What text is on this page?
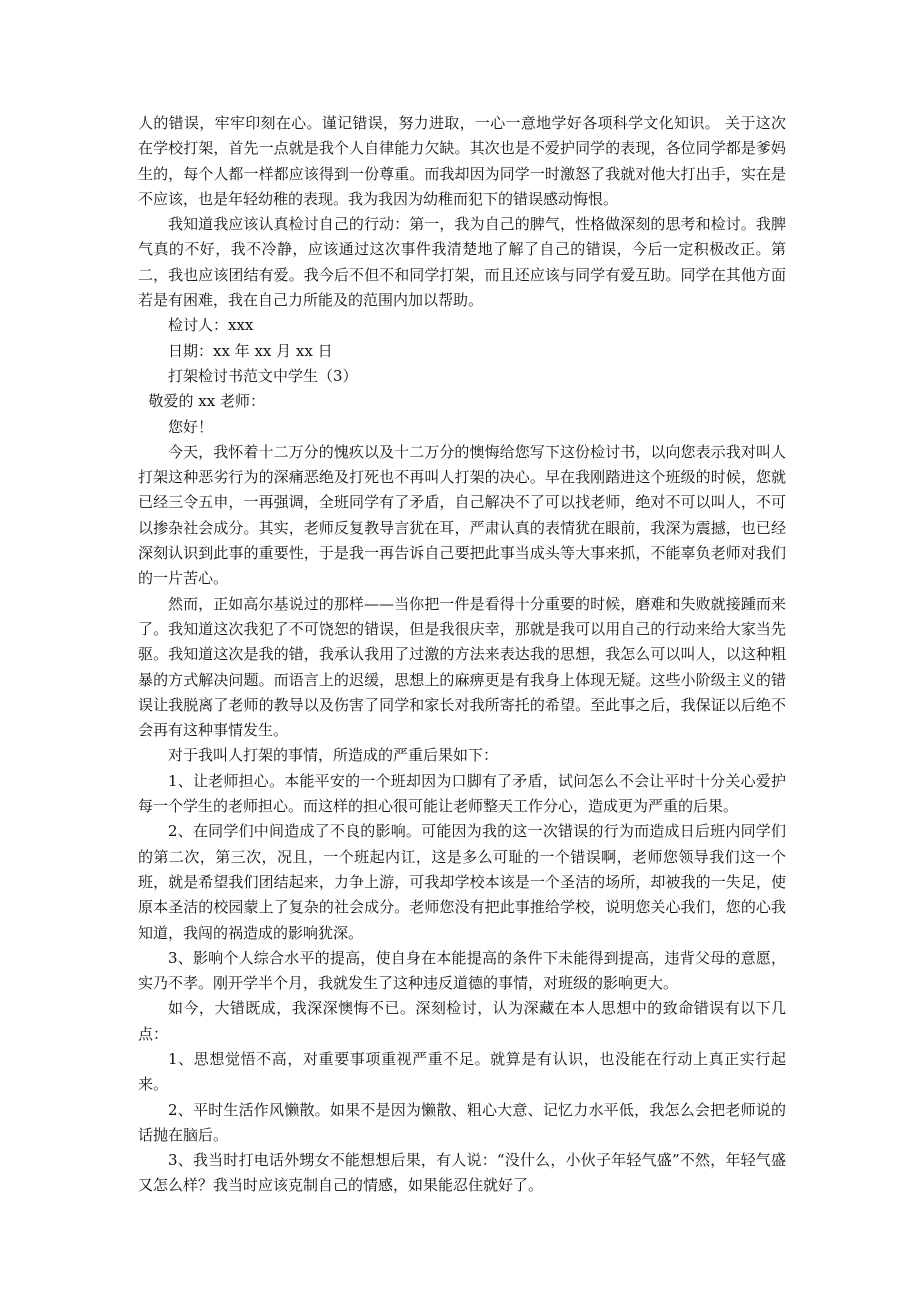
人的错误，牢牢印刻在心。谨记错误，努力进取，一心一意地学好各项科学文化知识。 关于这次在学校打架，首先一点就是我个人自律能力欠缺。其次也是不爱护同学的表现，各位同学都是爹妈生的，每个人都一样都应该得到一份尊重。而我却因为同学一时激怒了我就对他大打出手，实在是不应该，也是年轻幼稚的表现。我为我因为幼稚而犯下的错误感动悔恨。

我知道我应该认真检讨自己的行动：第一，我为自己的脾气，性格做深刻的思考和检讨。我脾气真的不好，我不冷静，应该通过这次事件我清楚地了解了自己的错误，今后一定积极改正。第二，我也应该团结有爱。我今后不但不和同学打架，而且还应该与同学有爱互助。同学在其他方面若是有困难，我在自己力所能及的范围内加以帮助。

检讨人：xxx

日期：xx 年 xx 月 xx 日

打架检讨书范文中学生（3）

敬爱的 xx 老师：

您好！

今天，我怀着十二万分的愧疚以及十二万分的懊悔给您写下这份检讨书，以向您表示我对叫人打架这种恶劣行为的深痛恶绝及打死也不再叫人打架的决心。早在我刚踏进这个班级的时候，您就已经三令五申，一再强调，全班同学有了矛盾，自己解决不了可以找老师，绝对不可以叫人，不可以掺杂社会成分。其实，老师反复教导言犹在耳，严肃认真的表情犹在眼前，我深为震撼，也已经深刻认识到此事的重要性，于是我一再告诉自己要把此事当成头等大事来抓，不能辜负老师对我们的一片苦心。

然而，正如高尔基说过的那样——当你把一件是看得十分重要的时候，磨难和失败就接踵而来了。我知道这次我犯了不可饶恕的错误，但是我很庆幸，那就是我可以用自己的行动来给大家当先驱。我知道这次是我的错，我承认我用了过激的方法来表达我的思想，我怎么可以叫人，以这种粗暴的方式解决问题。而语言上的迟缓，思想上的麻痹更是有我身上体现无疑。这些小阶级主义的错误让我脱离了老师的教导以及伤害了同学和家长对我所寄托的希望。至此事之后，我保证以后绝不会再有这种事情发生。

对于我叫人打架的事情，所造成的严重后果如下：

1、让老师担心。本能平安的一个班却因为口脚有了矛盾，试问怎么不会让平时十分关心爱护每一个学生的老师担心。而这样的担心很可能让老师整天工作分心，造成更为严重的后果。

2、在同学们中间造成了不良的影响。可能因为我的这一次错误的行为而造成日后班内同学们的第二次，第三次，况且，一个班起内讧，这是多么可耻的一个错误啊，老师您领导我们这一个班，就是希望我们团结起来，力争上游，可我却学校本该是一个圣洁的场所，却被我的一失足，使原本圣洁的校园蒙上了复杂的社会成分。老师您没有把此事推给学校，说明您关心我们，您的心我知道，我闯的祸造成的影响犹深。

3、影响个人综合水平的提高，使自身在本能提高的条件下未能得到提高，违背父母的意愿，实乃不孝。刚开学半个月，我就发生了这种违反道德的事情，对班级的影响更大。

如今，大错既成，我深深懊悔不已。深刻检讨，认为深藏在本人思想中的致命错误有以下几点：

1、思想觉悟不高，对重要事项重视严重不足。就算是有认识，也没能在行动上真正实行起来。

2、平时生活作风懒散。如果不是因为懒散、粗心大意、记忆力水平低，我怎么会把老师说的话抛在脑后。

3、我当时打电话外甥女不能想想后果，有人说：“没什么，小伙子年轻气盛”不然，年轻气盛又怎么样？我当时应该克制自己的情感，如果能忍住就好了。
